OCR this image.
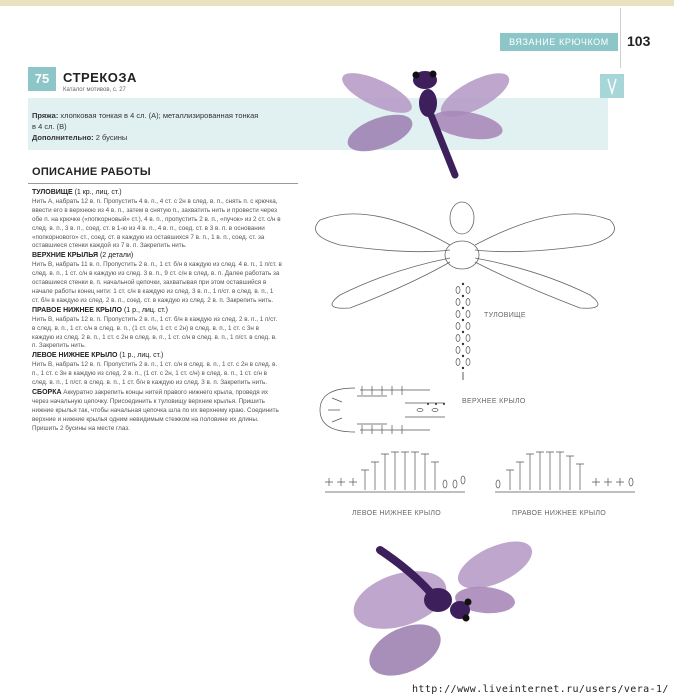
ВЯЗАНИЕ КРЮЧКОМ	103
75	СТРЕКОЗА
Каталог мотивов, с. 27
Пряжа: хлопковая тонкая в 4 сл. (A); металлизированная тонкая в 4 сл. (B)
Дополнительно: 2 бусины
ОПИСАНИЕ РАБОТЫ

ТУЛОВИЩЕ (1 кр., лиц. ст.)
Нить A, набрать 12 в. п. Пропустить 4 в. п., 4 ст. с 2н в след. в. п., снять п. с крючка, ввести его в верхнюю из 4 в. п., затем в снятую п., захватить нить и провести через обе п. на крючке («попкорновый» ст.), 4 в. п., пропустить 2 в. п., «пучок» из 2 ст. с/н в след. в. п., 3 в. п., соед. ст. в 1-ю из 4 в. п., 4 в. п., соед. ст. в 3 в. п. в основании «попкорнового» ст., соед. ст. в каждую из оставшихся 7 в. п., 1 в. п., соед. ст. за оставшиеся стенки каждой из 7 в. п. Закрепить нить.

ВЕРХНИЕ КРЫЛЬЯ (2 детали)
Нить B, набрать 11 в. п. Пропустить 2 в. п., 1 ст. б/н в каждую из след. 4 в. п., 1 п/ст. в след. в. п., 1 ст. с/н в каждую из след. 3 в. п., 9 ст. с/н в след. в. п. Далее работать за оставшиеся стенки в. п. начальной цепочки, захватывая при этом оставшийся в начале работы конец нити: 1 ст. с/н в каждую из след. 3 в. п., 1 п/ст. в след. в. п., 1 ст. б/н в каждую из след. 2 в. п., соед. ст. в каждую из след. 2 в. п. Закрепить нить.

ПРАВОЕ НИЖНЕЕ КРЫЛО (1 р., лиц. ст.)
Нить B, набрать 12 в. п. Пропустить 2 в. п., 1 ст. б/н в каждую из след. 2 в. п., 1 п/ст. в след. в. п., 1 ст. с/н в след. в. п., (1 ст. с/н, 1 ст. с 2н) в след. в. п., 1 ст. с 3н в каждую из след. 2 в. п., 1 ст. с 2н в след. в. п., 1 ст. с/н в след. в. п., 1 п/ст. в след. в. п. Закрепить нить.

ЛЕВОЕ НИЖНЕЕ КРЫЛО (1 р., лиц. ст.)
Нить B, набрать 12 в. п. Пропустить 2 в. п., 1 ст. с/н в след. в. п., 1 ст. с 2н в след. в. п., 1 ст. с 3н в каждую из след. 2 в. п., (1 ст. с 2н, 1 ст. с/н) в след. в. п., 1 ст. с/н в след. в. п., 1 п/ст. в след. в. п., 1 ст. б/н в каждую из след. 3 в. п. Закрепить нить.

СБОРКА Аккуратно закрепить концы нитей правого нижнего крыла, проведя их через начальную цепочку. Присоединить к туловищу верхние крылья. Пришить нижние крылья так, чтобы начальная цепочка шла по их верхнему краю. Соединить верхние и нижние крылья одним невидимым стежком на половине их длины. Пришить 2 бусины на месте глаз.

ТУЛОВИЩЕ
ВЕРХНЕЕ КРЫЛО
ЛЕВОЕ НИЖНЕЕ КРЫЛО	ПРАВОЕ НИЖНЕЕ КРЫЛО
http://www.liveinternet.ru/users/vera-1/
